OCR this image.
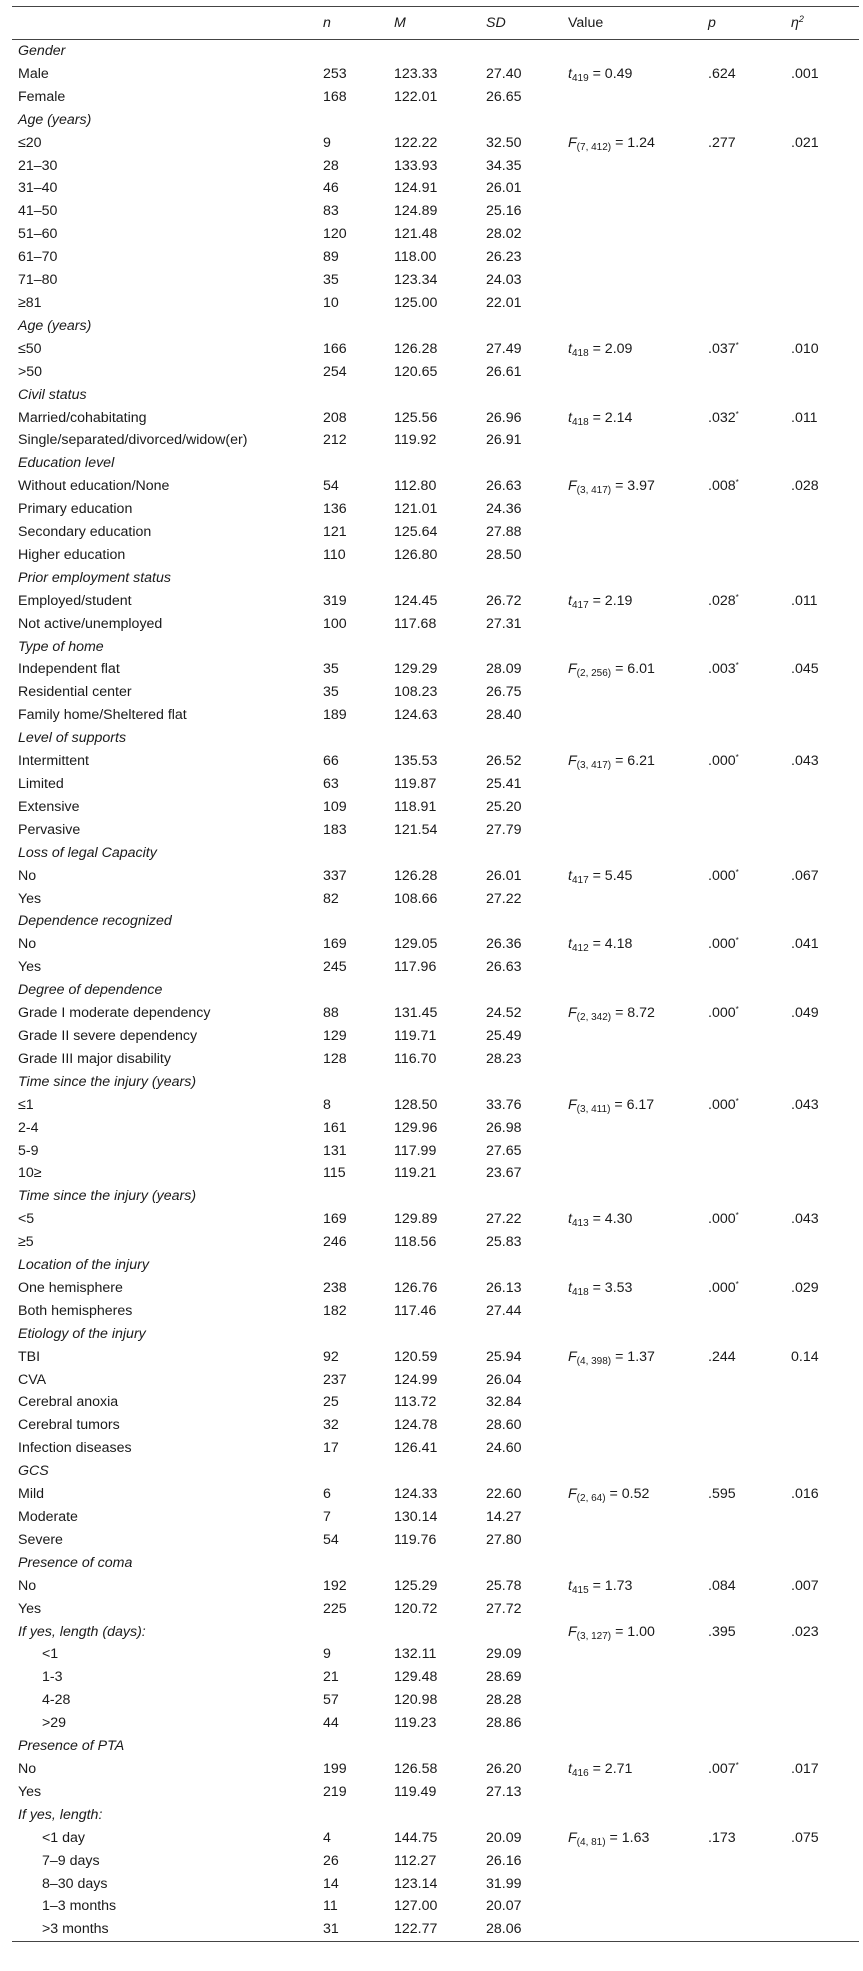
	n	M	SD	Value	p	$\eta^2$
Gender						
Male	253	123.33	27.40	$t_{419} = 0.49$	.624	.001
Female	168	122.01	26.65			
Age (years)						
≤20	9	122.22	32.50	$F_{(7, 412)} = 1.24$	.277	.021
21–30	28	133.93	34.35			
31–40	46	124.91	26.01			
41–50	83	124.89	25.16			
51–60	120	121.48	28.02			
61–70	89	118.00	26.23			
71–80	35	123.34	24.03			
≥81	10	125.00	22.01			
Age (years)						
≤50	166	126.28	27.49	$t_{418} = 2.09$	.037*	.010
>50	254	120.65	26.61			
Civil status						
Married/cohabitating	208	125.56	26.96	$t_{418} = 2.14$	.032*	.011
Single/separated/divorced/widow(er)	212	119.92	26.91			
Education level						
Without education/None	54	112.80	26.63	$F_{(3, 417)} = 3.97$	.008*	.028
Primary education	136	121.01	24.36			
Secondary education	121	125.64	27.88			
Higher education	110	126.80	28.50			
Prior employment status						
Employed/student	319	124.45	26.72	$t_{417} = 2.19$	.028*	.011
Not active/unemployed	100	117.68	27.31			
Type of home						
Independent flat	35	129.29	28.09	$F_{(2, 256)} = 6.01$	.003*	.045
Residential center	35	108.23	26.75			
Family home/Sheltered flat	189	124.63	28.40			
Level of supports						
Intermittent	66	135.53	26.52	$F_{(3, 417)} = 6.21$	.000*	.043
Limited	63	119.87	25.41			
Extensive	109	118.91	25.20			
Pervasive	183	121.54	27.79			
Loss of legal Capacity						
No	337	126.28	26.01	$t_{417} = 5.45$	.000*	.067
Yes	82	108.66	27.22			
Dependence recognized						
No	169	129.05	26.36	$t_{412} = 4.18$	.000*	.041
Yes	245	117.96	26.63			
Degree of dependence						
Grade I moderate dependency	88	131.45	24.52	$F_{(2, 342)} = 8.72$	.000*	.049
Grade II severe dependency	129	119.71	25.49			
Grade III major disability	128	116.70	28.23			
Time since the injury (years)						
≤1	8	128.50	33.76	$F_{(3, 411)} = 6.17$	.000*	.043
2-4	161	129.96	26.98			
5-9	131	117.99	27.65			
10≥	115	119.21	23.67			
Time since the injury (years)						
<5	169	129.89	27.22	$t_{413} = 4.30$	.000*	.043
≥5	246	118.56	25.83			
Location of the injury						
One hemisphere	238	126.76	26.13	$t_{418} = 3.53$	.000*	.029
Both hemispheres	182	117.46	27.44			
Etiology of the injury						
TBI	92	120.59	25.94	$F_{(4, 398)} = 1.37$	.244	0.14
CVA	237	124.99	26.04			
Cerebral anoxia	25	113.72	32.84			
Cerebral tumors	32	124.78	28.60			
Infection diseases	17	126.41	24.60			
GCS						
Mild	6	124.33	22.60	$F_{(2, 64)} = 0.52$	.595	.016
Moderate	7	130.14	14.27			
Severe	54	119.76	27.80			
Presence of coma						
No	192	125.29	25.78	$t_{415} = 1.73$	.084	.007
Yes	225	120.72	27.72			
If yes, length (days):				$F_{(3, 127)} = 1.00$	.395	.023
<1	9	132.11	29.09			
1-3	21	129.48	28.69			
4-28	57	120.98	28.28			
>29	44	119.23	28.86			
Presence of PTA						
No	199	126.58	26.20	$t_{416} = 2.71$	.007*	.017
Yes	219	119.49	27.13			
If yes, length:						
<1 day	4	144.75	20.09	$F_{(4, 81)} = 1.63$	.173	.075
7–9 days	26	112.27	26.16			
8–30 days	14	123.14	31.99			
1–3 months	11	127.00	20.07			
>3 months	31	122.77	28.06			
